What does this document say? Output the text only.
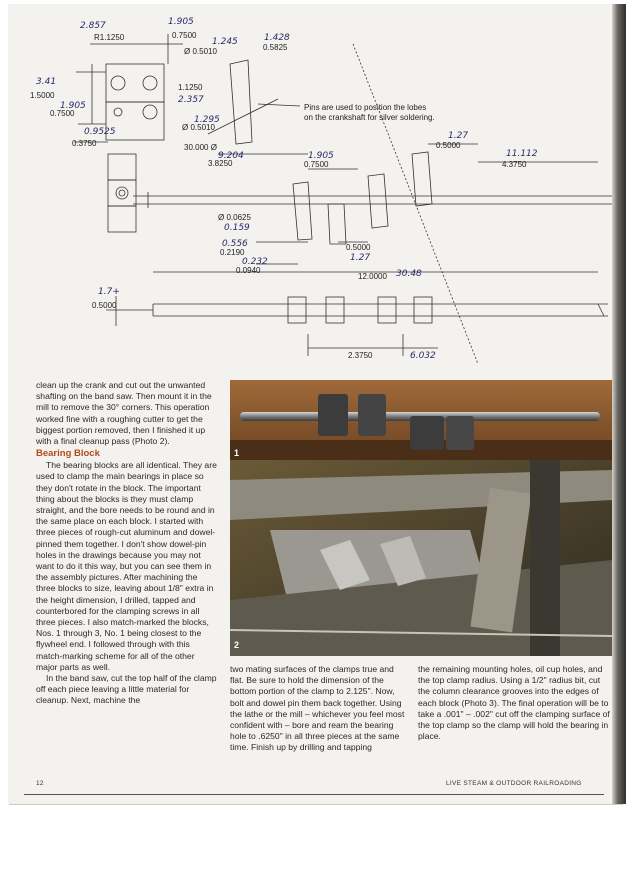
R1.1250	0.7500
Ø 0.5010	0.5825
1.5000
1.1250
0.7500
Ø 0.5010
0.3750	30.000 Ø
3.8250
Pins are used to position the lobes
on the crankshaft for silver soldering.
0.5000
4.3750
0.7500
Ø 0.0625
0.2190
0.0940
0.5000
12.0000
0.5000
2.3750
2.857	1.905
1.245	1.428
3.41
2.357
1.905
1.295
0.9525
9.204
1.27
11.112
1.905
0.159
0.556
0.232	1.27
30.48
1.7+
6.032

clean up the crank and cut out the unwanted shafting on the band saw. Then mount it in the mill to remove the 30° corners. This operation worked fine with a roughing cutter to get the biggest portion removed, then I finished it up with a final cleanup pass (Photo 2).

Bearing Block

The bearing blocks are all identical. They are used to clamp the main bearings in place so they don't rotate in the block. The important thing about the blocks is they must clamp straight, and the bore needs to be round and in the same place on each block. I started with three pieces of rough-cut aluminum and dowel-pinned them together. I don't show dowel-pin holes in the drawings because you may not want to do it this way, but you can see them in the assembly pictures. After machining the three blocks to size, leaving about 1/8" extra in the height dimension, I drilled, tapped and counterbored for the clamping screws in all three pieces. I also match-marked the blocks, Nos. 1 through 3, No. 1 being closest to the flywheel end. I followed through with this match-marking scheme for all of the other major parts as well.

In the band saw, cut the top half of the clamp off each piece leaving a little material for cleanup. Next, machine the

1
2

two mating surfaces of the clamps true and flat. Be sure to hold the dimension of the bottom portion of the clamp to 2.125". Now, bolt and dowel pin them back together. Using the lathe or the mill – whichever you feel most confident with – bore and ream the bearing hole to .6250" in all three pieces at the same time. Finish up by drilling and tapping

the remaining mounting holes, oil cup holes, and the top clamp radius. Using a 1/2" radius bit, cut the column clearance grooves into the edges of each block (Photo 3). The final operation will be to take a .001" – .002" cut off the clamping surface of the top clamp so the clamp will hold the bearing in place.

12	LIVE STEAM & OUTDOOR RAILROADING
